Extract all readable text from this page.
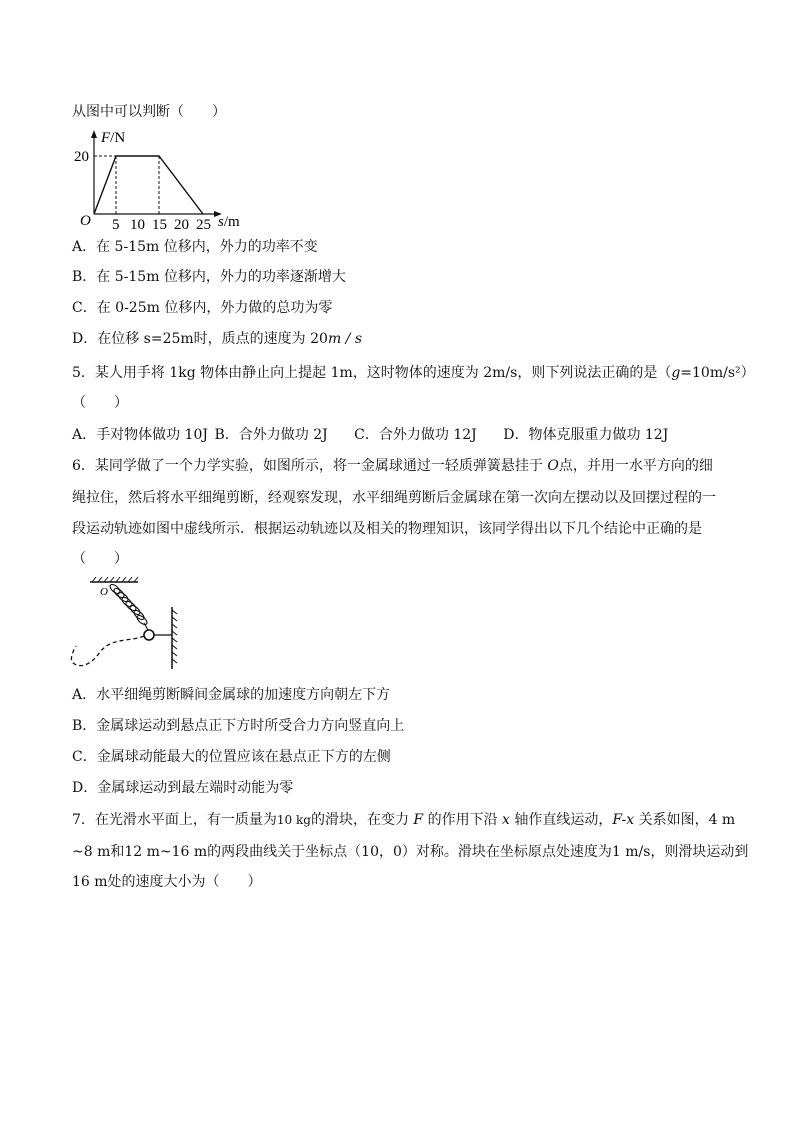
从图中可以判断（　　）
F/N
20
O 5 10 15 20 25 s/m
A．在 5-15m 位移内，外力的功率不变
B．在 5-15m 位移内，外力的功率逐渐增大
C．在 0-25m 位移内，外力做的总功为零
D．在位移 s=25m时，质点的速度为 20m / s
5．某人用手将 1kg 物体由静止向上提起 1m，这时物体的速度为 2m/s，则下列说法正确的是（g=10m/s²）
（　　）
A．手对物体做功 10J B．合外力做功 2J C．合外力做功 12J D．物体克服重力做功 12J
6．某同学做了一个力学实验，如图所示，将一金属球通过一轻质弹簧悬挂于 O点，并用一水平方向的细
绳拉住，然后将水平细绳剪断，经观察发现，水平细绳剪断后金属球在第一次向左摆动以及回摆过程的一
段运动轨迹如图中虚线所示．根据运动轨迹以及相关的物理知识，该同学得出以下几个结论中正确的是
（　　）
O
A．水平细绳剪断瞬间金属球的加速度方向朝左下方
B．金属球运动到悬点正下方时所受合力方向竖直向上
C．金属球动能最大的位置应该在悬点正下方的左侧
D．金属球运动到最左端时动能为零
7．在光滑水平面上，有一质量为10 kg的滑块，在变力 F 的作用下沿 x 轴作直线运动，F-x 关系如图，4 m
~8 m和12 m~16 m的两段曲线关于坐标点（10，0）对称。滑块在坐标原点处速度为1 m/s，则滑块运动到
16 m处的速度大小为（　　）
